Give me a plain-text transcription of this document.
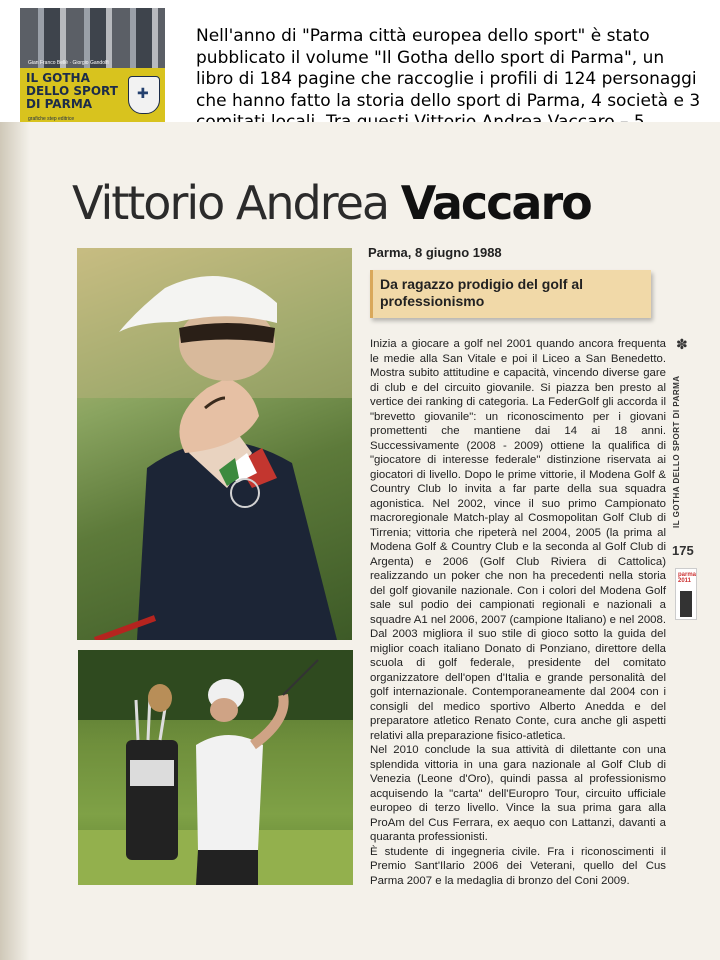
Gian Franco Bellè · Giorgio Gandolfi
IL GOTHA
DELLO SPORT
DI PARMA
grafiche step editrice
✚
Nell'anno di "Parma città europea dello sport" è stato pubblicato il volume "Il Gotha dello sport di Parma", un libro di 184 pagine che raccoglie i profili di 124 personaggi che hanno fatto la storia dello sport di Parma, 4 società e 3
Vittorio Andrea Vaccaro
Parma, 8 giugno 1988
Da ragazzo prodigio del golf al professionismo

Inizia a giocare a golf nel 2001 quando ancora frequenta le medie alla San Vitale e poi il Liceo a San Benedetto. Mostra subito attitudine e capacità, vincendo diverse gare di club e del circuito giovanile. Si piazza ben presto al vertice dei ranking di categoria. La FederGolf gli accorda il "brevetto giovanile": un riconoscimento per i giovani promettenti che mantiene dai 14 ai 18 anni. Successivamente (2008 - 2009) ottiene la qualifica di "giocatore di interesse federale" distinzione riservata ai giocatori di livello. Dopo le prime vittorie, il Modena Golf & Country Club lo invita a far parte della sua squadra agonistica. Nel 2002, vince il suo primo Campionato macroregionale Match-play al Cosmopolitan Golf Club di Tirrenia; vittoria che ripeterà nel 2004, 2005 (la prima al Modena Golf & Country Club e la seconda al Golf Club di Argenta) e 2006 (Golf Club Riviera di Cattolica) realizzando un poker che non ha precedenti nella storia del golf giovanile nazionale. Con i colori del Modena Golf sale sul podio dei campionati regionali e nazionali a squadre A1 nel 2006, 2007 (campione Italiano) e nel 2008. Dal 2003 migliora il suo stile di gioco sotto la guida del miglior coach italiano Donato di Ponziano, direttore della scuola di golf federale, presidente del comitato organizzatore dell'open d'Italia e grande personalità del golf internazionale. Contemporaneamente dal 2004 con i consigli del medico sportivo Alberto Anedda e del preparatore atletico Renato Conte, cura anche gli aspetti relativi alla preparazione fisico-atletica.

Nel 2010 conclude la sua attività di dilettante con una splendida vittoria in una gara nazionale al Golf Club di Venezia (Leone d'Oro), quindi passa al professionismo acquisendo la "carta" dell'Europro Tour, circuito ufficiale europeo di terzo livello. Vince la sua prima gara alla ProAm del Cus Ferrara, ex aequo con Lattanzi, davanti a quaranta professionisti.

È studente di ingegneria civile. Fra i riconoscimenti il Premio Sant'Ilario 2006 dei Veterani, quello del Cus Parma 2007 e la medaglia di bronzo del Coni 2009.

✽
IL GOTHA DELLO SPORT DI PARMA
175
parma 2011
